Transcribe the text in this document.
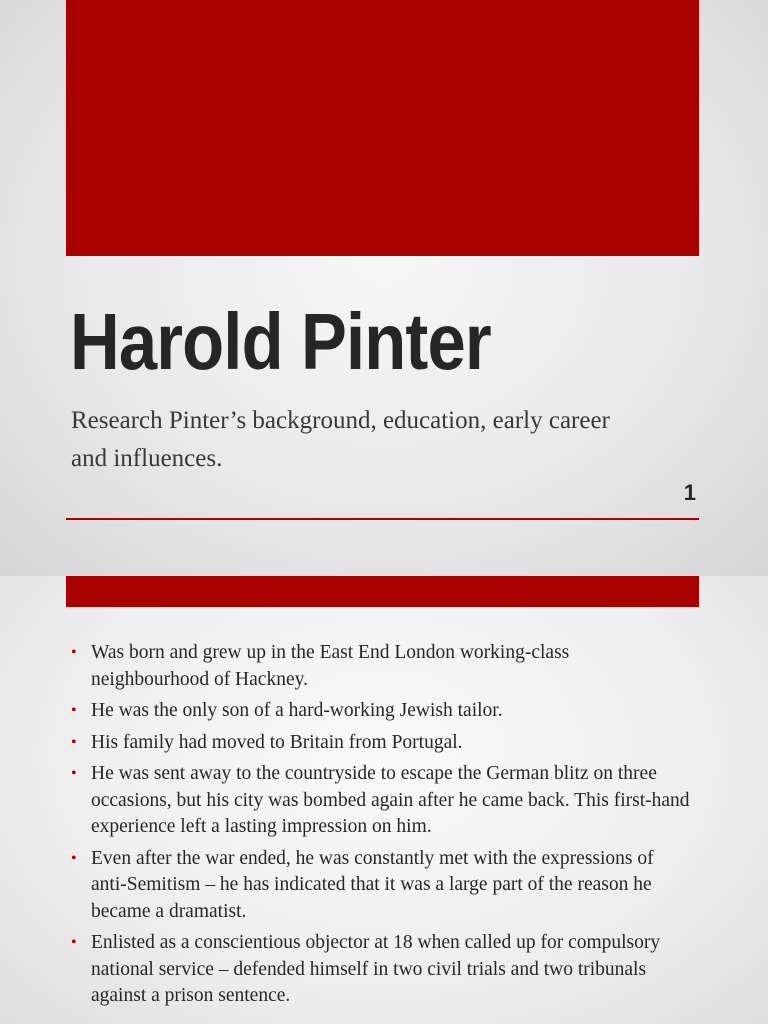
Harold Pinter

Research Pinter’s background, education, early career and influences.

1
• Was born and grew up in the East End London working-class neighbourhood of Hackney.
• He was the only son of a hard-working Jewish tailor.
• His family had moved to Britain from Portugal.
• He was sent away to the countryside to escape the German blitz on three occasions, but his city was bombed again after he came back. This first-hand experience left a lasting impression on him.
• Even after the war ended, he was constantly met with the expressions of anti-Semitism – he has indicated that it was a large part of the reason he became a dramatist.
• Enlisted as a conscientious objector at 18 when called up for compulsory national service – defended himself in two civil trials and two tribunals against a prison sentence.
